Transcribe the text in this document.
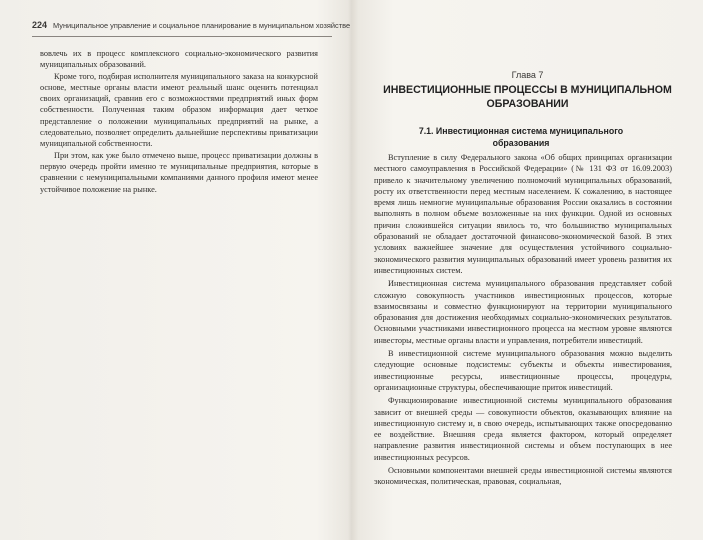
224 Муниципальное управление и социальное планирование в муниципальном хозяйстве

вовлечь их в процесс комплексного социально-экономического развития муниципальных образований.

Кроме того, подбирая исполнителя муниципального заказа на конкурсной основе, местные органы власти имеют реальный шанс оценить потенциал своих организаций, сравнив его с возможностями предприятий иных форм собственности. Полученная таким образом информация дает четкое представление о положении муниципальных предприятий на рынке, а следовательно, позволяет определить дальнейшие перспективы приватизации муниципальной собственности.

При этом, как уже было отмечено выше, процесс приватизации должны в первую очередь пройти именно те муниципальные предприятия, которые в сравнении с немуниципальными компаниями данного профиля имеют менее устойчивое положение на рынке.

Глава 7
ИНВЕСТИЦИОННЫЕ ПРОЦЕССЫ В МУНИЦИПАЛЬНОМ ОБРАЗОВАНИИ
7.1. Инвестиционная система муниципального образования

Вступление в силу Федерального закона «Об общих принципах организации местного самоуправления в Российской Федерации» (№ 131 ФЗ от 16.09.2003) привело к значительному увеличению полномочий муниципальных образований, росту их ответственности перед местным населением. К сожалению, в настоящее время лишь немногие муниципальные образования России оказались в состоянии выполнять в полном объеме возложенные на них функции. Одной из основных причин сложившейся ситуации явилось то, что большинство муниципальных образований не обладает достаточной финансово-экономической базой. В этих условиях важнейшее значение для осуществления устойчивого социально-экономического развития муниципальных образований имеет уровень развития их инвестиционных систем.

Инвестиционная система муниципального образования представляет собой сложную совокупность участников инвестиционных процессов, которые взаимосвязаны и совместно функционируют на территории муниципального образования для достижения необходимых социально-экономических результатов. Основными участниками инвестиционного процесса на местном уровне являются инвесторы, местные органы власти и управления, потребители инвестиций.

В инвестиционной системе муниципального образования можно выделить следующие основные подсистемы: субъекты и объекты инвестирования, инвестиционные ресурсы, инвестиционные процессы, процедуры, организационные структуры, обеспечивающие приток инвестиций.

Функционирование инвестиционной системы муниципального образования зависит от внешней среды — совокупности объектов, оказывающих влияние на инвестиционную систему и, в свою очередь, испытывающих также опосредованно ее воздействие. Внешняя среда является фактором, который определяет направление развития инвестиционной системы и объем поступающих в нее инвестиционных ресурсов.

Основными компонентами внешней среды инвестиционной системы являются экономическая, политическая, правовая, социальная,
